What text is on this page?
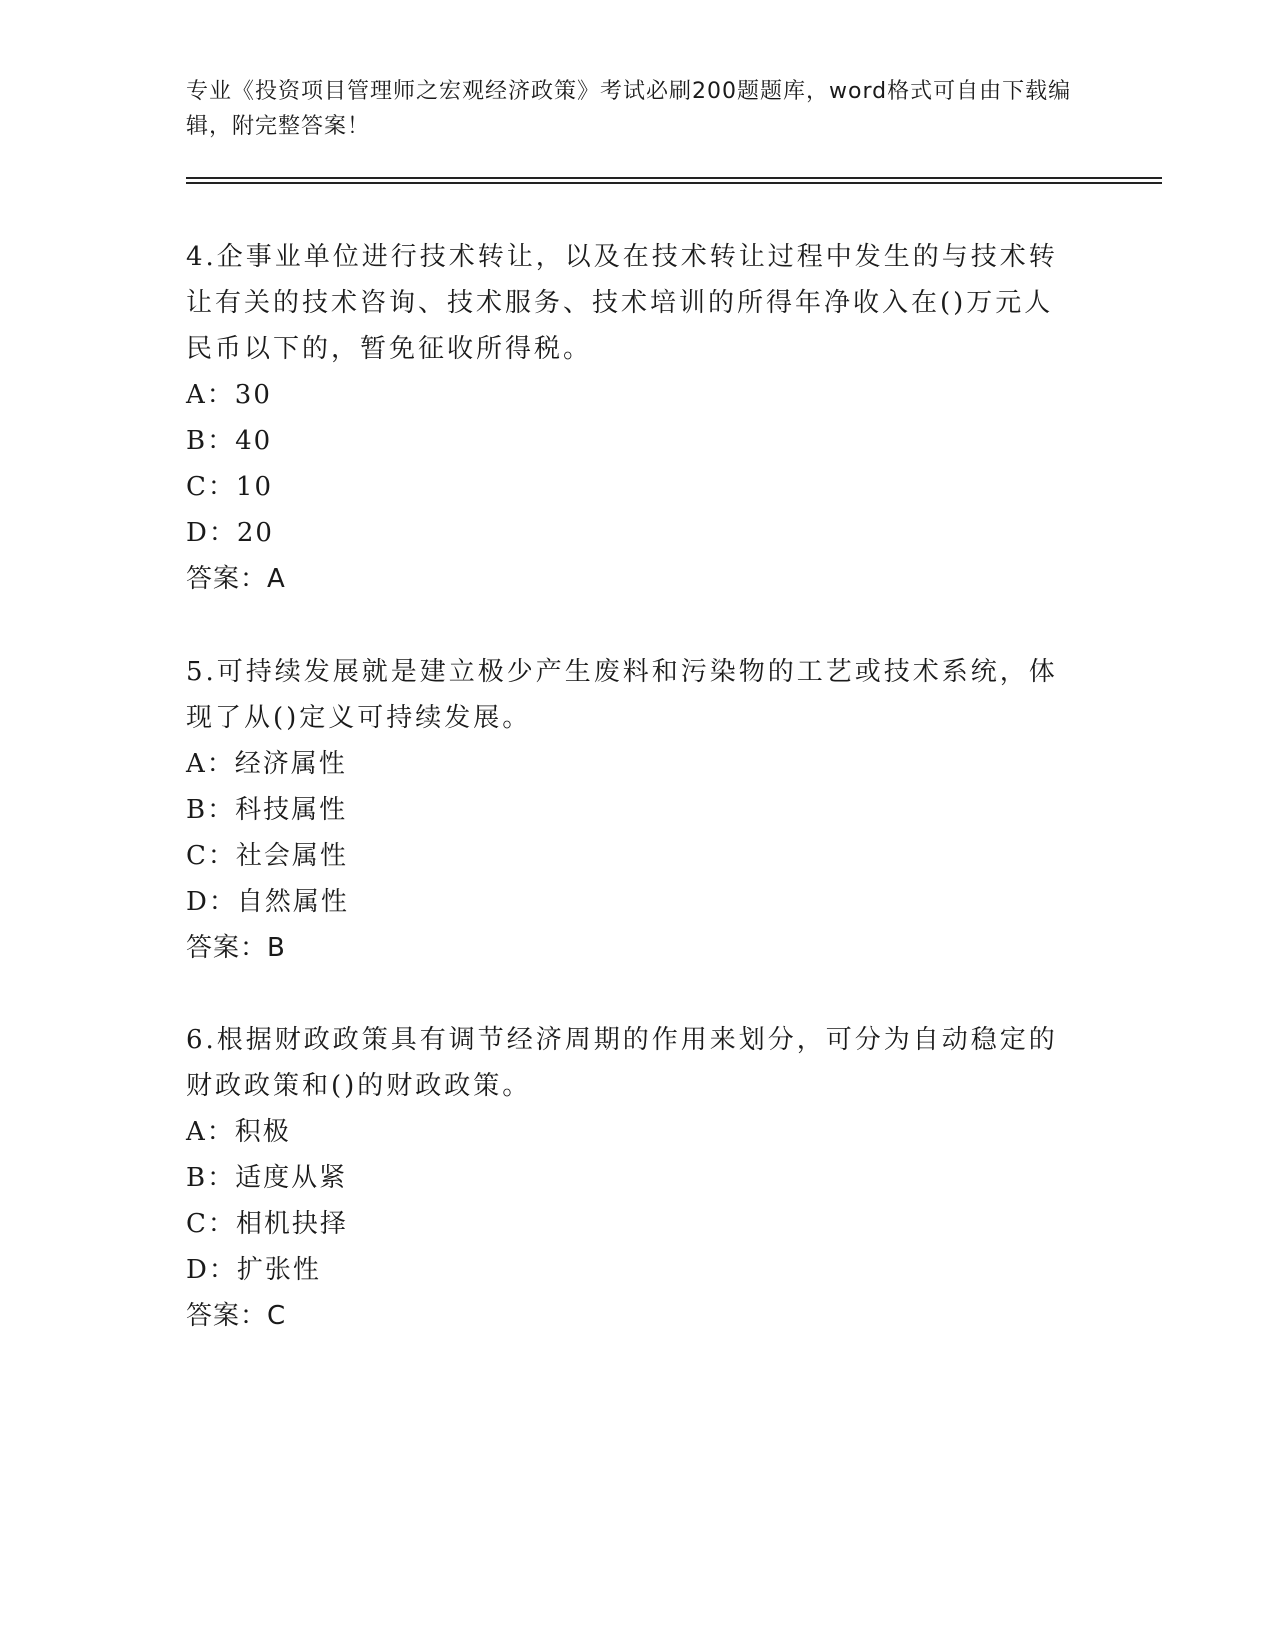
专业《投资项目管理师之宏观经济政策》考试必刷200题题库，word格式可自由下载编辑，附完整答案！

4.企事业单位进行技术转让，以及在技术转让过程中发生的与技术转让有关的技术咨询、技术服务、技术培训的所得年净收入在()万元人民币以下的，暂免征收所得税。

A：30

B：40

C：10

D：20

答案：A

5.可持续发展就是建立极少产生废料和污染物的工艺或技术系统，体现了从()定义可持续发展。

A：经济属性

B：科技属性

C：社会属性

D：自然属性

答案：B

6.根据财政政策具有调节经济周期的作用来划分，可分为自动稳定的财政政策和()的财政政策。

A：积极

B：适度从紧

C：相机抉择

D：扩张性

答案：C
